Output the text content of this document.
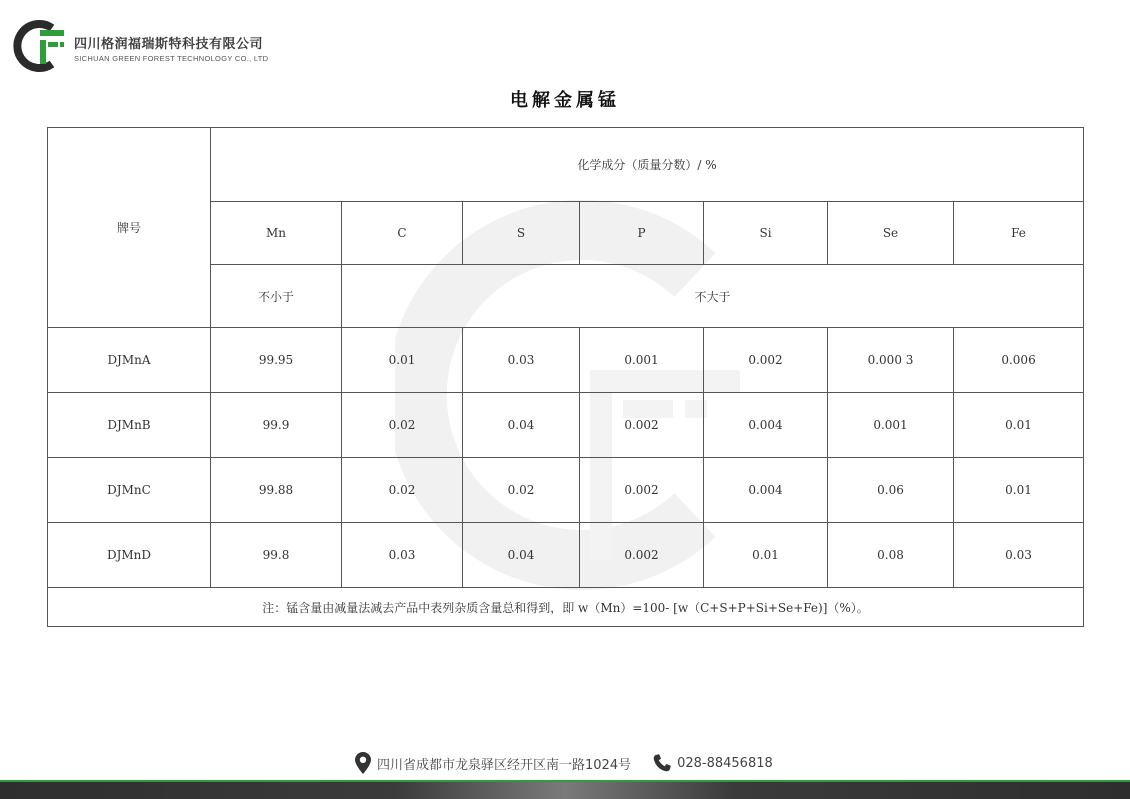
四川格润福瑞斯特科技有限公司
SICHUAN GREEN FOREST TECHNOLOGY CO., LTD
电解金属锰
牌号	化学成分（质量分数）/ %						
	Mn	C	S	P	Si	Se	Fe
	不小于	不大于					
DJMnA	99.95	0.01	0.03	0.001	0.002	0.000 3	0.006
DJMnB	99.9	0.02	0.04	0.002	0.004	0.001	0.01
DJMnC	99.88	0.02	0.02	0.002	0.004	0.06	0.01
DJMnD	99.8	0.03	0.04	0.002	0.01	0.08	0.03
注：锰含量由减量法减去产品中表列杂质含量总和得到，即 w（Mn）=100- [w（C+S+P+Si+Se+Fe)]（%）。							
四川省成都市龙泉驿区经开区南一路1024号	028-88456818
